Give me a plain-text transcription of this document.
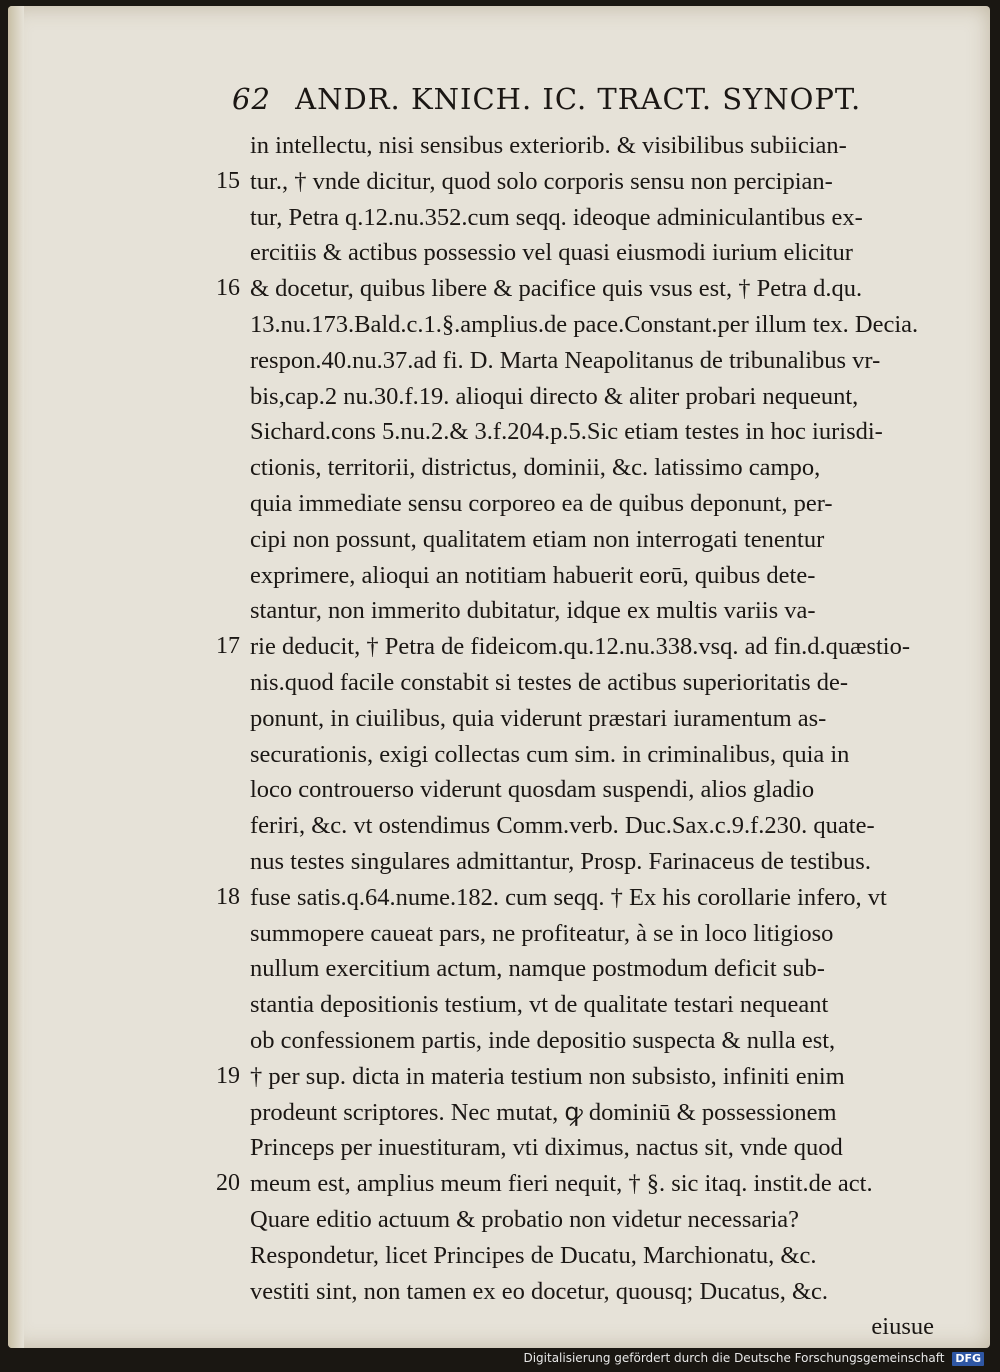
62 ANDR. KNICH. IC. TRACT. SYNOPT.
in intellectu, nisi sensibus exteriorib. & visibilibus subiician-
15 tur., † vnde dicitur, quod solo corporis sensu non percipian-
tur, Petra q.12.nu.352.cum seqq. ideoque adminiculantibus ex-
ercitiis & actibus possessio vel quasi eiusmodi iurium elicitur
16 & docetur, quibus libere & pacifice quis vsus est, † Petra d.qu.
13.nu.173.Bald.c.1.§.amplius.de pace.Constant.per illum tex. Decia.
respon.40.nu.37.ad fi. D. Marta Neapolitanus de tribunalibus vr-
bis,cap.2 nu.30.f.19. alioqui directo & aliter probari nequeunt,
Sichard.cons 5.nu.2.& 3.f.204.p.5.Sic etiam testes in hoc iurisdi-
ctionis, territorii, districtus, dominii, &c. latissimo campo,
quia immediate sensu corporeo ea de quibus deponunt, per-
cipi non possunt, qualitatem etiam non interrogati tenentur
exprimere, alioqui an notitiam habuerit eorū, quibus dete-
stantur, non immerito dubitatur, idque ex multis variis va-
17 rie deducit, † Petra de fideicom.qu.12.nu.338.vsq. ad fin.d.quæstio-
nis.quod facile constabit si testes de actibus superioritatis de-
ponunt, in ciuilibus, quia viderunt præstari iuramentum as-
securationis, exigi collectas cum sim. in criminalibus, quia in
loco controuerso viderunt quosdam suspendi, alios gladio
feriri, &c. vt ostendimus Comm.verb. Duc.Sax.c.9.f.230. quate-
nus testes singulares admittantur, Prosp. Farinaceus de testibus.
18 fuse satis.q.64.nume.182. cum seqq. † Ex his corollarie infero, vt
summopere caueat pars, ne profiteatur, à se in loco litigioso
nullum exercitium actum, namque postmodum deficit sub-
stantia depositionis testium, vt de qualitate testari nequeant
ob confessionem partis, inde depositio suspecta & nulla est,
19 † per sup. dicta in materia testium non subsisto, infiniti enim
prodeunt scriptores. Nec mutat, ꝙ dominiū & possessionem
Princeps per inuestituram, vti diximus, nactus sit, vnde quod
20 meum est, amplius meum fieri nequit, † §. sic itaq. instit.de act.
Quare editio actuum & probatio non videtur necessaria?
Respondetur, licet Principes de Ducatu, Marchionatu, &c.
vestiti sint, non tamen ex eo docetur, quousq; Ducatus, &c.
eiusue
Digitalisierung gefördert durch die Deutsche Forschungsgemeinschaft DFG
